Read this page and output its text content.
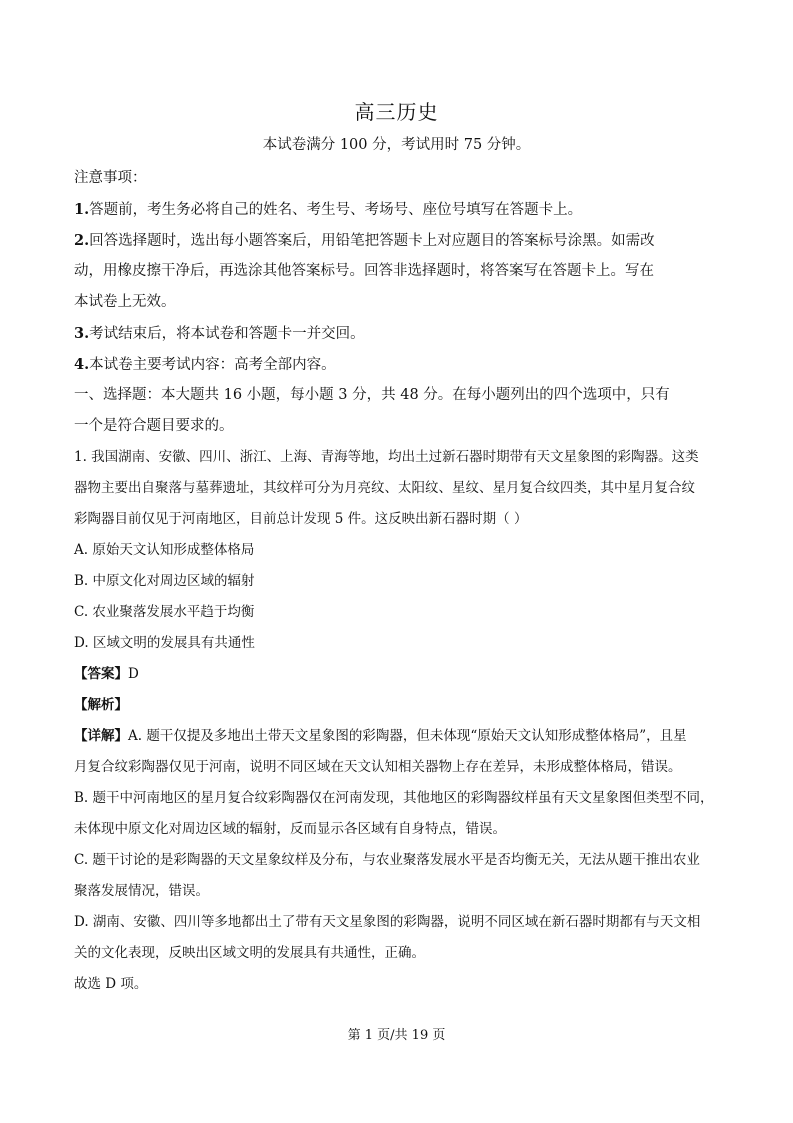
高三历史
本试卷满分 100 分，考试用时 75 分钟。
注意事项：
1.答题前，考生务必将自己的姓名、考生号、考场号、座位号填写在答题卡上。
2.回答选择题时，选出每小题答案后，用铅笔把答题卡上对应题目的答案标号涂黑。如需改
动，用橡皮擦干净后，再选涂其他答案标号。回答非选择题时，将答案写在答题卡上。写在
本试卷上无效。
3.考试结束后，将本试卷和答题卡一并交回。
4.本试卷主要考试内容：高考全部内容。
一、选择题：本大题共 16 小题，每小题 3 分，共 48 分。在每小题列出的四个选项中，只有
一个是符合题目要求的。
1. 我国湖南、安徽、四川、浙江、上海、青海等地，均出土过新石器时期带有天文星象图的彩陶器。这类
器物主要出自聚落与墓葬遗址，其纹样可分为月亮纹、太阳纹、星纹、星月复合纹四类，其中星月复合纹
彩陶器目前仅见于河南地区，目前总计发现 5 件。这反映出新石器时期（ ）
A. 原始天文认知形成整体格局
B. 中原文化对周边区域的辐射
C. 农业聚落发展水平趋于均衡
D. 区域文明的发展具有共通性
【答案】D
【解析】
【详解】A. 题干仅提及多地出土带天文星象图的彩陶器，但未体现“原始天文认知形成整体格局”，且星
月复合纹彩陶器仅见于河南，说明不同区域在天文认知相关器物上存在差异，未形成整体格局，错误。
B. 题干中河南地区的星月复合纹彩陶器仅在河南发现，其他地区的彩陶器纹样虽有天文星象图但类型不同，
未体现中原文化对周边区域的辐射，反而显示各区域有自身特点，错误。
C. 题干讨论的是彩陶器的天文星象纹样及分布，与农业聚落发展水平是否均衡无关，无法从题干推出农业
聚落发展情况，错误。
D. 湖南、安徽、四川等多地都出土了带有天文星象图的彩陶器，说明不同区域在新石器时期都有与天文相
关的文化表现，反映出区域文明的发展具有共通性，正确。
故选 D 项。
第 1 页/共 19 页
